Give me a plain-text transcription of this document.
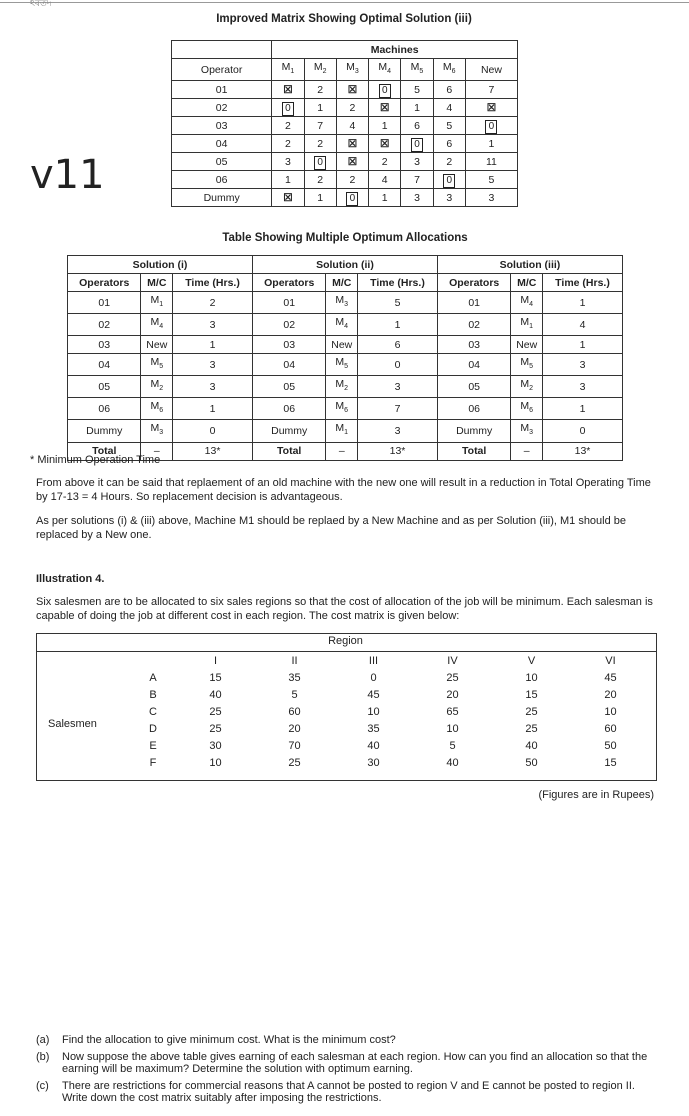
ঽৰত৸
v11
Improved Matrix Showing Optimal Solution (iii)
	Machines						
Operator	$M_1$	$M_2$	$M_3$	$M_4$	$M_5$	$M_6$	New
01	☒	2	☒	0	5	6	7
02	0	1	2	☒	1	4	☒
03	2	7	4	1	6	5	0
04	2	2	☒	☒	0	6	1
05	3	0	☒	2	3	2	11
06	1	2	2	4	7	0	5
Dummy	☒	1	0	1	3	3	3
Table Showing Multiple Optimum Allocations
Solution (i)			Solution (ii)			Solution (iii)		
Operators	M/C	Time (Hrs.)	Operators	M/C	Time (Hrs.)	Operators	M/C	Time (Hrs.)
01	$M_1$	2	01	$M_3$	5	01	$M_4$	1
02	$M_4$	3	02	$M_4$	1	02	$M_1$	4
03	New	1	03	New	6	03	New	1
04	$M_5$	3	04	$M_5$	0	04	$M_5$	3
05	$M_2$	3	05	$M_2$	3	05	$M_2$	3
06	$M_6$	1	06	$M_6$	7	06	$M_6$	1
Dummy	$M_3$	0	Dummy	$M_1$	3	Dummy	$M_3$	0
Total	–	13*	Total	–	13*	Total	–	13*

* Minimum Operation Time

From above it can be said that replaement of an old machine with the new one will result in a reduction in Total Operating Time by 17-13 = 4 Hours. So replacement decision is advantageous.

As per solutions (i) & (iii) above, Machine M1 should be replaed by a New Machine and as per Solution (iii), M1 should be replaced by a New one.

Illustration 4.

Six salesmen are to be allocated to six sales regions so that the cost of allocation of the job will be minimum. Each salesman is capable of doing the job at different cost in each region. The cost matrix is given below:

Region
Salesmen
	I	II	III	IV	V	VI
A	15	35	0	25	10	45
B	40	5	45	20	15	20
C	25	60	10	65	25	10
D	25	20	35	10	25	60
E	30	70	40	5	40	50
F	10	25	30	40	50	15
(Figures are in Rupees)
(a)	Find the allocation to give minimum cost. What is the minimum cost?
(b)	Now suppose the above table gives earning of each salesman at each region. How can you find an allocation so that the earning will be maximum? Determine the solution with optimum earning.
(c)	There are restrictions for commercial reasons that A cannot be posted to region V and E cannot be posted to region II. Write down the cost matrix suitably after imposing the restrictions.
